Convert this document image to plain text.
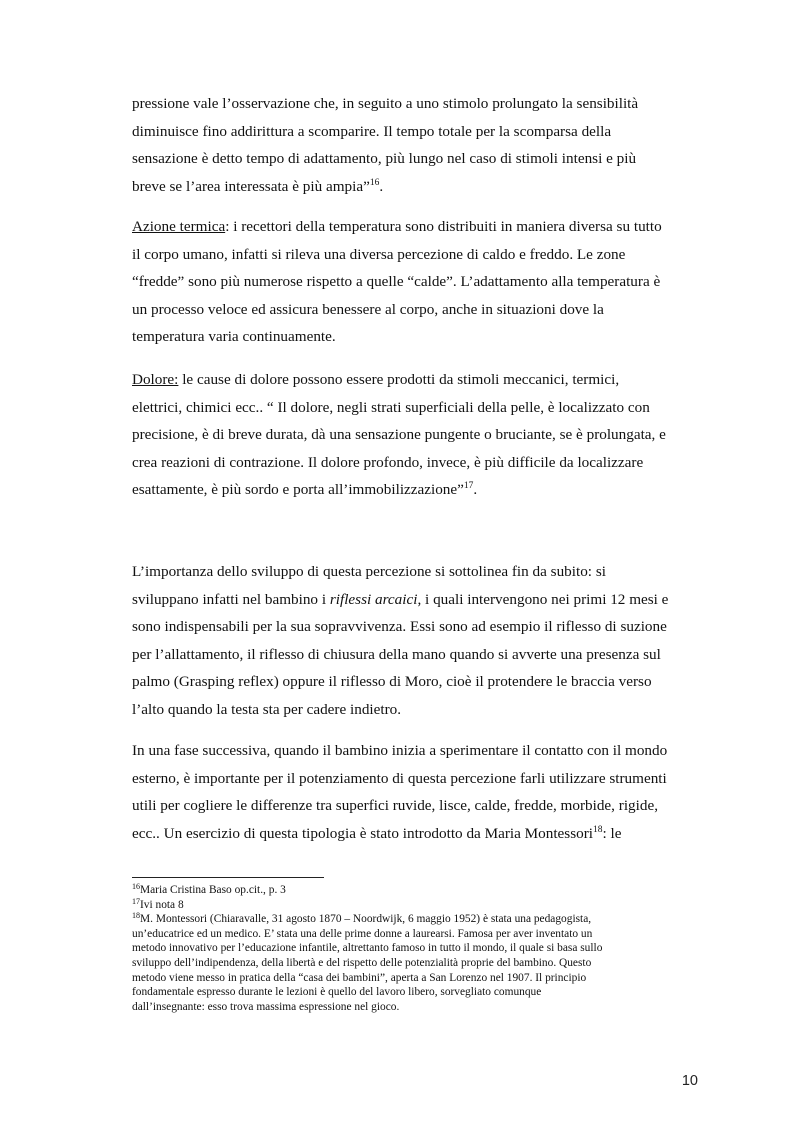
pressione vale l’osservazione che, in seguito a uno stimolo prolungato la sensibilità
diminuisce fino addirittura a scomparire. Il tempo totale per la scomparsa della
sensazione è detto tempo di adattamento, più lungo nel caso di stimoli intensi e più
breve se l’area interessata è più ampia”$^{16}$.

Azione termica: i recettori della temperatura sono distribuiti in maniera diversa su tutto
il corpo umano, infatti si rileva una diversa percezione di caldo e freddo. Le zone
“fredde” sono più numerose rispetto a quelle “calde”. L’adattamento alla temperatura è
un processo veloce ed assicura benessere al corpo, anche in situazioni dove la
temperatura varia continuamente.

Dolore: le cause di dolore possono essere prodotti da stimoli meccanici, termici,
elettrici, chimici ecc.. “ Il dolore, negli strati superficiali della pelle, è localizzato con
precisione, è di breve durata, dà una sensazione pungente o bruciante, se è prolungata, e
crea reazioni di contrazione. Il dolore profondo, invece, è più difficile da localizzare
esattamente, è più sordo e porta all’immobilizzazione”$^{17}$.

L’importanza dello sviluppo di questa percezione si sottolinea fin da subito: si
sviluppano infatti nel bambino i riflessi arcaici, i quali intervengono nei primi 12 mesi e
sono indispensabili per la sua sopravvivenza. Essi sono ad esempio il riflesso di suzione
per l’allattamento, il riflesso di chiusura della mano quando si avverte una presenza sul
palmo (Grasping reflex) oppure il riflesso di Moro, cioè il protendere le braccia verso
l’alto quando la testa sta per cadere indietro.

In una fase successiva, quando il bambino inizia a sperimentare il contatto con il mondo
esterno, è importante per il potenziamento di questa percezione farli utilizzare strumenti
utili per cogliere le differenze tra superfici ruvide, lisce, calde, fredde, morbide, rigide,
ecc.. Un esercizio di questa tipologia è stato introdotto da Maria Montessori$^{18}$: le

$^{16}$Maria Cristina Baso op.cit., p. 3
$^{17}$Ivi nota 8
$^{18}$M. Montessori (Chiaravalle, 31 agosto 1870 – Noordwijk, 6 maggio 1952) è stata una pedagogista,
un’educatrice ed un medico. E’ stata una delle prime donne a laurearsi. Famosa per aver inventato un
metodo innovativo per l’educazione infantile, altrettanto famoso in tutto il mondo, il quale si basa sullo
sviluppo dell’indipendenza, della libertà e del rispetto delle potenzialità proprie del bambino. Questo
metodo viene messo in pratica della “casa dei bambini”, aperta a San Lorenzo nel 1907. Il principio
fondamentale espresso durante le lezioni è quello del lavoro libero, sorvegliato comunque
dall’insegnante: esso trova massima espressione nel gioco.
10
